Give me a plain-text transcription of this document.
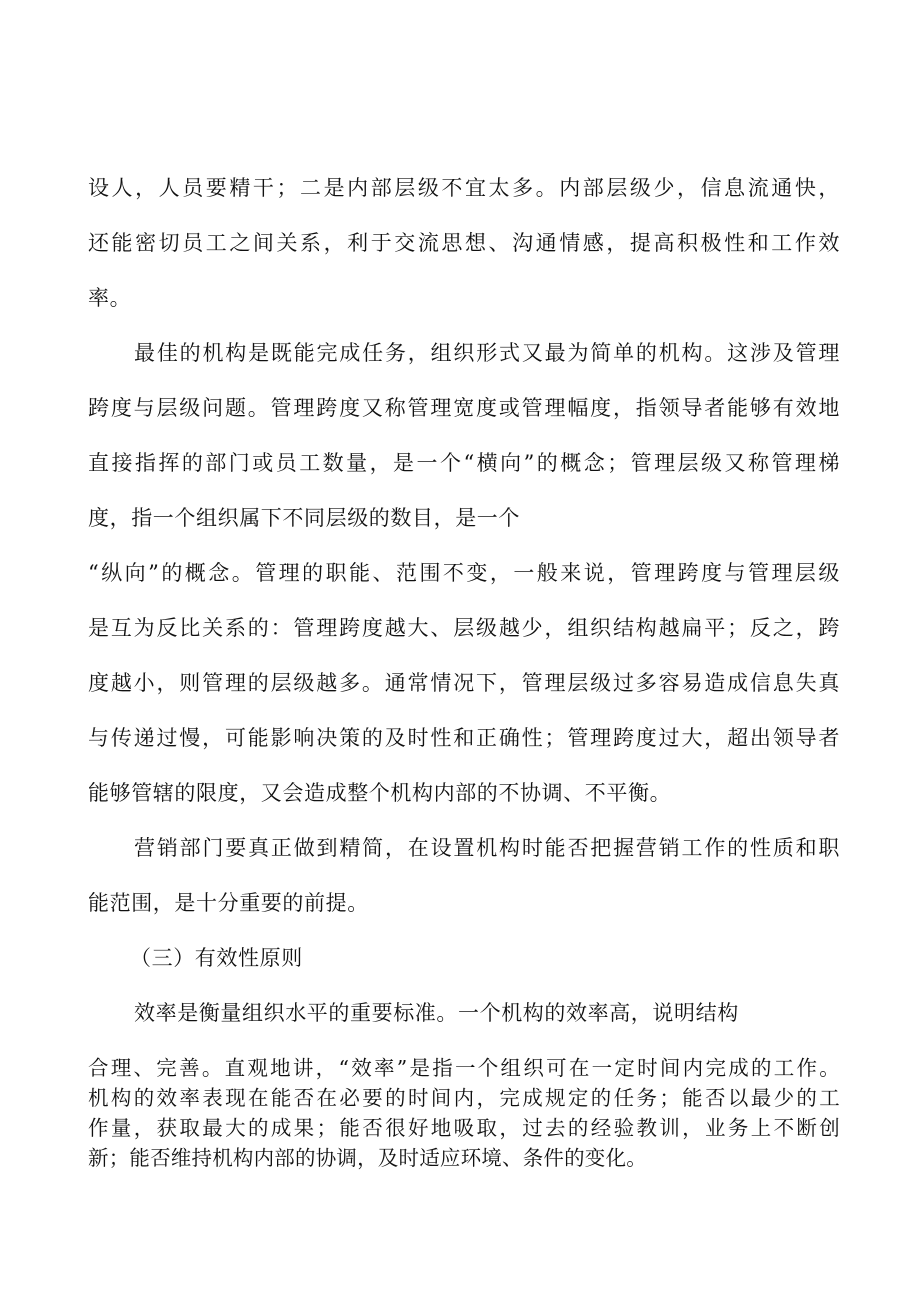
设人，人员要精干；二是内部层级不宜太多。内部层级少，信息流通快，
还能密切员工之间关系，利于交流思想、沟通情感，提高积极性和工作效
率。
最佳的机构是既能完成任务，组织形式又最为简单的机构。这涉及管理
跨度与层级问题。管理跨度又称管理宽度或管理幅度，指领导者能够有效地
直接指挥的部门或员工数量，是一个“横向”的概念；管理层级又称管理梯
度，指一个组织属下不同层级的数目，是一个
“纵向”的概念。管理的职能、范围不变，一般来说，管理跨度与管理层级
是互为反比关系的：管理跨度越大、层级越少，组织结构越扁平；反之，跨
度越小，则管理的层级越多。通常情况下，管理层级过多容易造成信息失真
与传递过慢，可能影响决策的及时性和正确性；管理跨度过大，超出领导者
能够管辖的限度，又会造成整个机构内部的不协调、不平衡。
营销部门要真正做到精简，在设置机构时能否把握营销工作的性质和职
能范围，是十分重要的前提。
（三）有效性原则
效率是衡量组织水平的重要标准。一个机构的效率高，说明结构
合理、完善。直观地讲，“效率”是指一个组织可在一定时间内完成的工作。
机构的效率表现在能否在必要的时间内，完成规定的任务；能否以最少的工
作量，获取最大的成果；能否很好地吸取，过去的经验教训，业务上不断创
新；能否维持机构内部的协调，及时适应环境、条件的变化。
